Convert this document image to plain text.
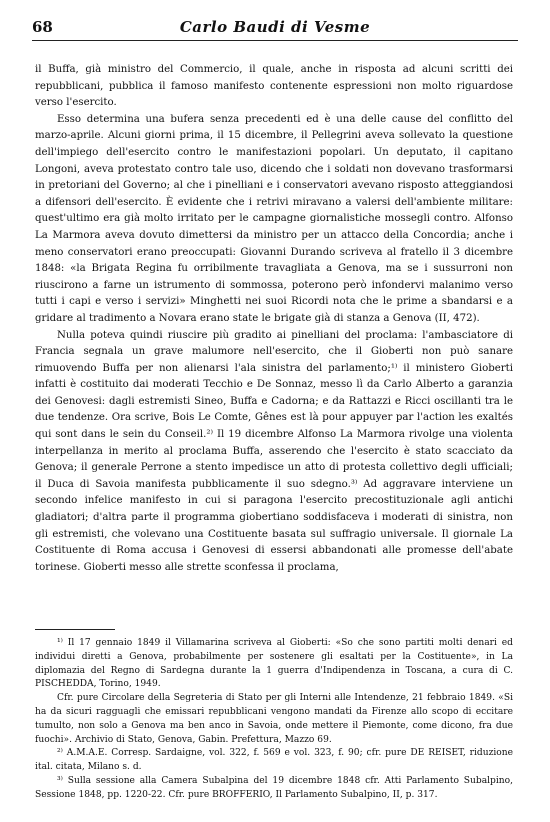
68	Carlo Baudi di Vesme

il Buffa, già ministro del Commercio, il quale, anche in risposta ad alcuni scritti dei repubblicani, pubblica il famoso manifesto contenente espressioni non molto riguardose verso l'esercito.

Esso determina una bufera senza precedenti ed è una delle cause del conflitto del marzo-aprile. Alcuni giorni prima, il 15 dicembre, il Pellegrini aveva sollevato la questione dell'impiego dell'esercito contro le manifestazioni popolari. Un deputato, il capitano Longoni, aveva protestato contro tale uso, dicendo che i soldati non dovevano trasformarsi in pretoriani del Governo; al che i pinelliani e i conservatori avevano risposto atteggiandosi a difensori dell'esercito. È evidente che i retrivi miravano a valersi dell'ambiente militare: quest'ultimo era già molto irritato per le campagne giornalistiche mossegli contro. Alfonso La Marmora aveva dovuto dimettersi da ministro per un attacco della Concordia; anche i meno conservatori erano preoccupati: Giovanni Durando scriveva al fratello il 3 dicembre 1848: «la Brigata Regina fu orribilmente travagliata a Genova, ma se i sussurroni non riuscirono a farne un istrumento di sommossa, poterono però infondervi malanimo verso tutti i capi e verso i servizi» Minghetti nei suoi Ricordi nota che le prime a sbandarsi e a gridare al tradimento a Novara erano state le brigate già di stanza a Genova (II, 472).

Nulla poteva quindi riuscire più gradito ai pinelliani del proclama: l'ambasciatore di Francia segnala un grave malumore nell'esercito, che il Gioberti non può sanare rimuovendo Buffa per non alienarsi l'ala sinistra del parlamento;¹⁾ il ministero Gioberti infatti è costituito dai moderati Tecchio e De Sonnaz, messo lì da Carlo Alberto a garanzia dei Genovesi: dagli estremisti Sineo, Buffa e Cadorna; e da Rattazzi e Ricci oscillanti tra le due tendenze. Ora scrive, Bois Le Comte, Gênes est là pour appuyer par l'action les exaltés qui sont dans le sein du Conseil.²⁾ Il 19 dicembre Alfonso La Marmora rivolge una violenta interpellanza in merito al proclama Buffa, asserendo che l'esercito è stato scacciato da Genova; il generale Perrone a stento impedisce un atto di protesta collettivo degli ufficiali; il Duca di Savoia manifesta pubblicamente il suo sdegno.³⁾ Ad aggravare interviene un secondo infelice manifesto in cui si paragona l'esercito precostituzionale agli antichi gladiatori; d'altra parte il programma giobertiano soddisfaceva i moderati di sinistra, non gli estremisti, che volevano una Costituente basata sul suffragio universale. Il giornale La Costituente di Roma accusa i Genovesi di essersi abbandonati alle promesse dell'abate torinese. Gioberti messo alle strette sconfessa il proclama,

¹⁾ Il 17 gennaio 1849 il Villamarina scriveva al Gioberti: «So che sono partiti molti denari ed individui diretti a Genova, probabilmente per sostenere gli esaltati per la Costituente», in La diplomazia del Regno di Sardegna durante la 1 guerra d'Indipendenza in Toscana, a cura di C. PISCHEDDA, Torino, 1949.

Cfr. pure Circolare della Segreteria di Stato per gli Interni alle Intendenze, 21 febbraio 1849. «Si ha da sicuri ragguagli che emissari repubblicani vengono mandati da Firenze allo scopo di eccitare tumulto, non solo a Genova ma ben anco in Savoia, onde mettere il Piemonte, come dicono, fra due fuochi». Archivio di Stato, Genova, Gabin. Prefettura, Mazzo 69.

²⁾ A.M.A.E. Corresp. Sardaigne, vol. 322, f. 569 e vol. 323, f. 90; cfr. pure DE REISET, riduzione ital. citata, Milano s. d.

³⁾ Sulla sessione alla Camera Subalpina del 19 dicembre 1848 cfr. Atti Parlamento Subalpino, Sessione 1848, pp. 1220-22. Cfr. pure BROFFERIO, Il Parlamento Subalpino, II, p. 317.
